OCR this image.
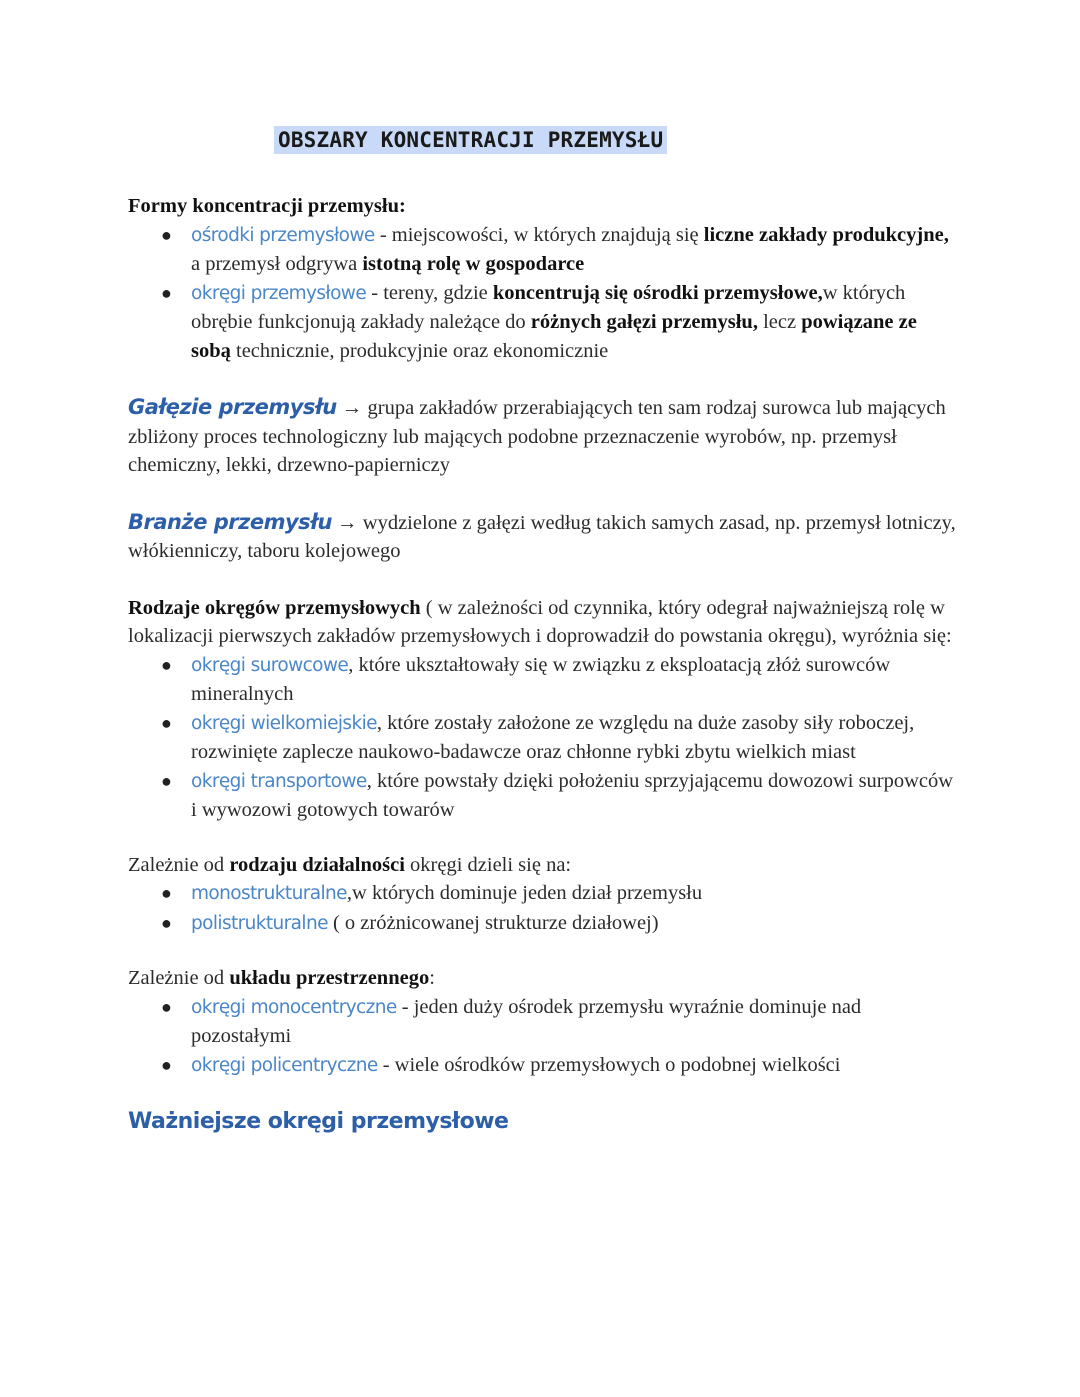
OBSZARY KONCENTRACJI PRZEMYSŁU

Formy koncentracji przemysłu:

● ośrodki przemysłowe - miejscowości, w których znajdują się liczne zakłady produkcyjne, a przemysł odgrywa istotną rolę w gospodarce
● okręgi przemysłowe - tereny, gdzie koncentrują się ośrodki przemysłowe,w których obrębie funkcjonują zakłady należące do różnych gałęzi przemysłu, lecz powiązane ze sobą technicznie, produkcyjnie oraz ekonomicznie

Gałęzie przemysłu → grupa zakładów przerabiających ten sam rodzaj surowca lub mających zbliżony proces technologiczny lub mających podobne przeznaczenie wyrobów, np. przemysł chemiczny, lekki, drzewno-papierniczy

Branże przemysłu → wydzielone z gałęzi według takich samych zasad, np. przemysł lotniczy, włókienniczy, taboru kolejowego

Rodzaje okręgów przemysłowych ( w zależności od czynnika, który odegrał najważniejszą rolę w lokalizacji pierwszych zakładów przemysłowych i doprowadził do powstania okręgu), wyróżnia się:

● okręgi surowcowe, które ukształtowały się w związku z eksploatacją złóż surowców mineralnych
● okręgi wielkomiejskie, które zostały założone ze względu na duże zasoby siły roboczej, rozwinięte zaplecze naukowo-badawcze oraz chłonne rybki zbytu wielkich miast
● okręgi transportowe, które powstały dzięki położeniu sprzyjającemu dowozowi surpowców i wywozowi gotowych towarów

Zależnie od rodzaju działalności okręgi dzieli się na:

● monostrukturalne,w których dominuje jeden dział przemysłu
● polistrukturalne ( o zróżnicowanej strukturze działowej)

Zależnie od układu przestrzennego:

● okręgi monocentryczne - jeden duży ośrodek przemysłu wyraźnie dominuje nad pozostałymi
● okręgi policentryczne - wiele ośrodków przemysłowych o podobnej wielkości
Ważniejsze okręgi przemysłowe
